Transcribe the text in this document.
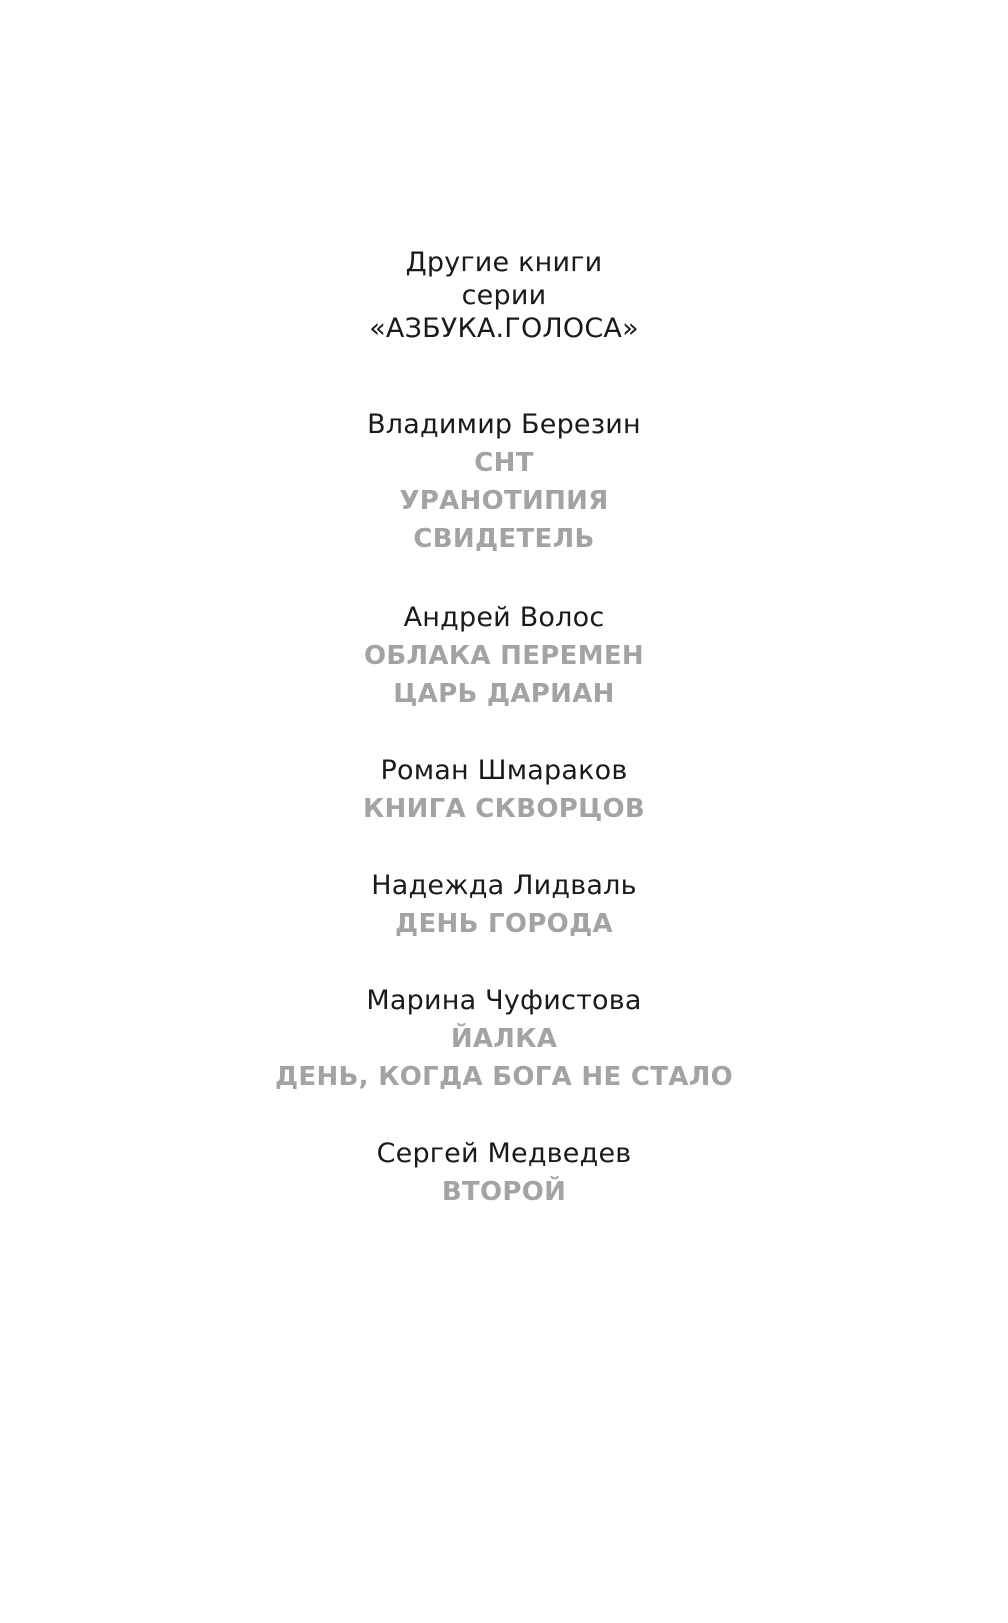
Другие книги
серии
«АЗБУКА.ГОЛОСА»
Владимир Березин
СНТ
УРАНОТИПИЯ
СВИДЕТЕЛЬ
Андрей Волос
ОБЛАКА ПЕРЕМЕН
ЦАРЬ ДАРИАН
Роман Шмараков
КНИГА СКВОРЦОВ
Надежда Лидваль
ДЕНЬ ГОРОДА
Марина Чуфистова
ЙАЛКА
ДЕНЬ, КОГДА БОГА НЕ СТАЛО
Сергей Медведев
ВТОРОЙ
